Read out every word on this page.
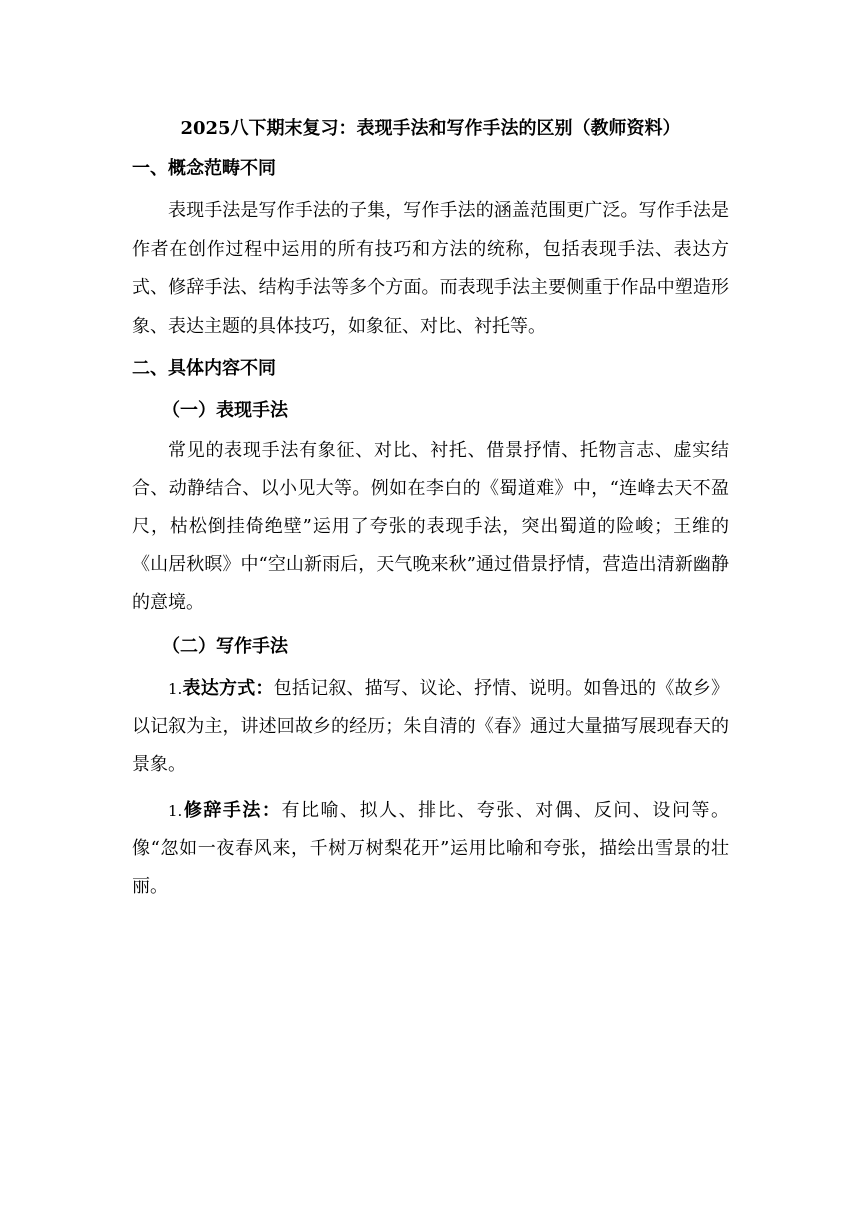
2025八下期末复习：表现手法和写作手法的区别（教师资料）
一、概念范畴不同

表现手法是写作手法的子集，写作手法的涵盖范围更广泛。写作手法是作者在创作过程中运用的所有技巧和方法的统称，包括表现手法、表达方式、修辞手法、结构手法等多个方面。而表现手法主要侧重于作品中塑造形象、表达主题的具体技巧，如象征、对比、衬托等。

二、具体内容不同
（一）表现手法

常见的表现手法有象征、对比、衬托、借景抒情、托物言志、虚实结合、动静结合、以小见大等。例如在李白的《蜀道难》中，“连峰去天不盈尺，枯松倒挂倚绝壁”运用了夸张的表现手法，突出蜀道的险峻；王维的《山居秋暝》中“空山新雨后，天气晚来秋”通过借景抒情，营造出清新幽静的意境。

（二）写作手法

1.表达方式：包括记叙、描写、议论、抒情、说明。如鲁迅的《故乡》以记叙为主，讲述回故乡的经历；朱自清的《春》通过大量描写展现春天的景象。

1.修辞手法：有比喻、拟人、排比、夸张、对偶、反问、设问等。像“忽如一夜春风来，千树万树梨花开”运用比喻和夸张，描绘出雪景的壮丽。
